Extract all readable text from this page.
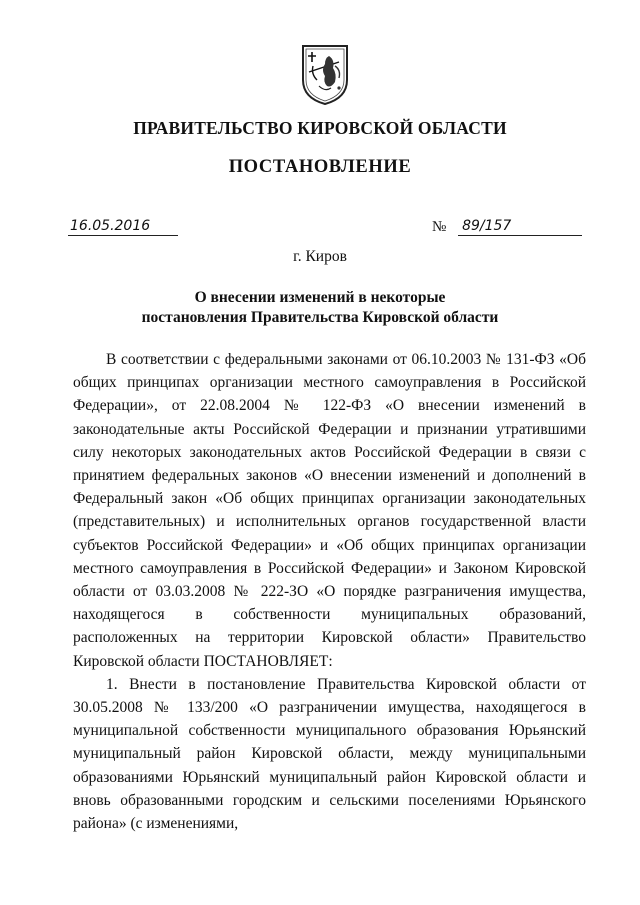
ПРАВИТЕЛЬСТВО КИРОВСКОЙ ОБЛАСТИ
ПОСТАНОВЛЕНИЕ
16.05.2016	№ 89/157
г. Киров
О внесении изменений в некоторые
постановления Правительства Кировской области

В соответствии с федеральными законами от 06.10.2003 № 131-ФЗ «Об общих принципах организации местного самоуправления в Российской Федерации», от 22.08.2004 № 122-ФЗ «О внесении изменений в законодательные акты Российской Федерации и признании утратившими силу некоторых законодательных актов Российской Федерации в связи с принятием федеральных законов «О внесении изменений и дополнений в Федеральный закон «Об общих принципах организации законодательных (представительных) и исполнительных органов государственной власти субъектов Российской Федерации» и «Об общих принципах организации местного самоуправления в Российской Федерации» и Законом Кировской области от 03.03.2008 № 222-ЗО «О порядке разграничения имущества, находящегося в собственности муниципальных образований, расположенных на территории Кировской области» Правительство Кировской области ПОСТАНОВЛЯЕТ:

1. Внести в постановление Правительства Кировской области от 30.05.2008 № 133/200 «О разграничении имущества, находящегося в муниципальной собственности муниципального образования Юрьянский муниципальный район Кировской области, между муниципальными образованиями Юрьянский муниципальный район Кировской области и вновь образованными городским и сельскими поселениями Юрьянского района» (с изменениями,
